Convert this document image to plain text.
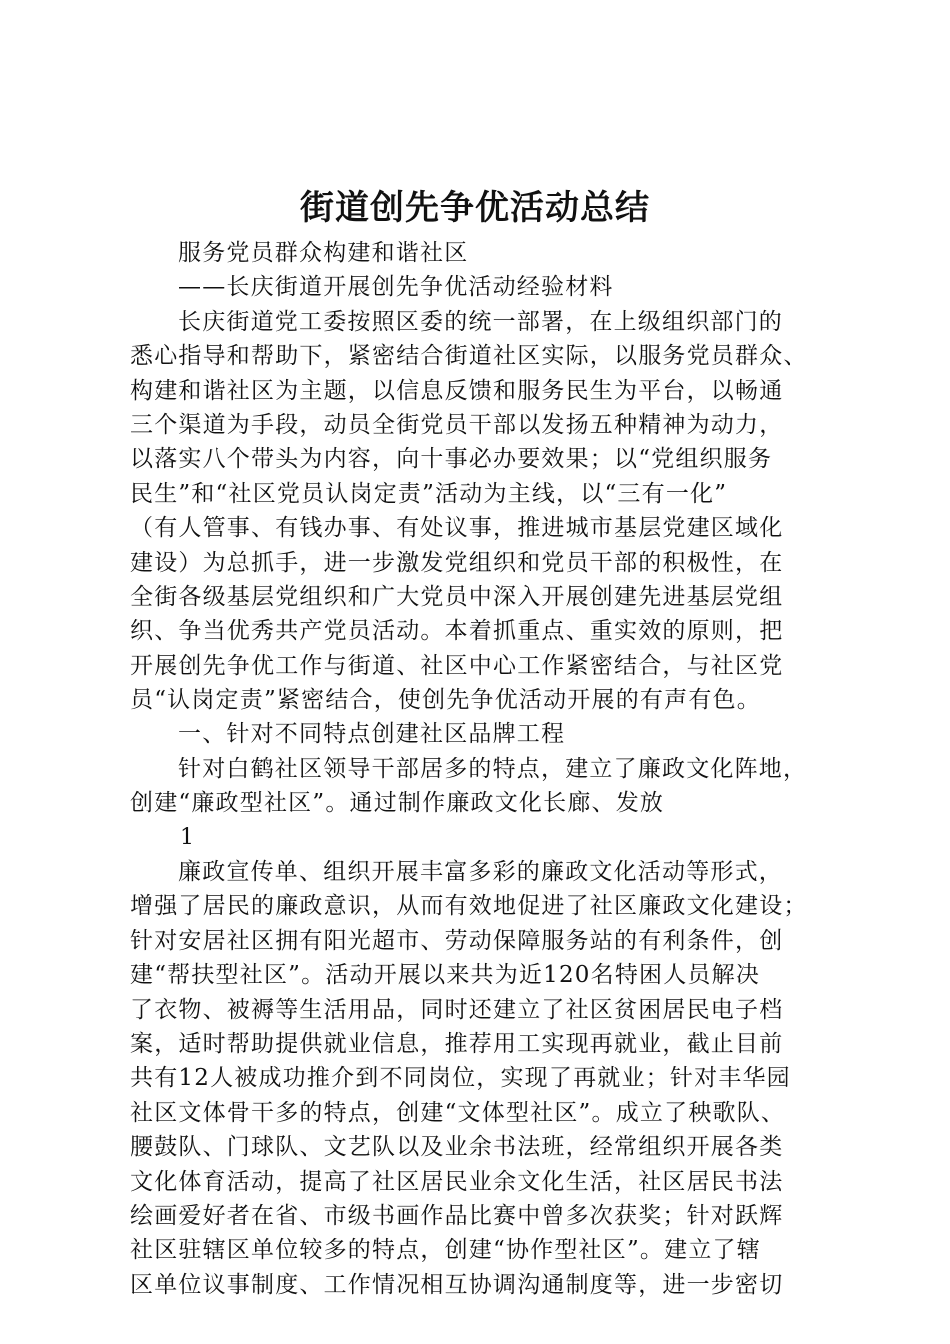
街道创先争优活动总结
服务党员群众构建和谐社区
——长庆街道开展创先争优活动经验材料
长庆街道党工委按照区委的统一部署，在上级组织部门的
悉心指导和帮助下，紧密结合街道社区实际，以服务党员群众、
构建和谐社区为主题，以信息反馈和服务民生为平台，以畅通
三个渠道为手段，动员全街党员干部以发扬五种精神为动力，
以落实八个带头为内容，向十事必办要效果；以“党组织服务
民生”和“社区党员认岗定责”活动为主线，以“三有一化”
（有人管事、有钱办事、有处议事，推进城市基层党建区域化
建设）为总抓手，进一步激发党组织和党员干部的积极性，在
全街各级基层党组织和广大党员中深入开展创建先进基层党组
织、争当优秀共产党员活动。本着抓重点、重实效的原则，把
开展创先争优工作与街道、社区中心工作紧密结合，与社区党
员“认岗定责”紧密结合，使创先争优活动开展的有声有色。
一、针对不同特点创建社区品牌工程
针对白鹤社区领导干部居多的特点，建立了廉政文化阵地，
创建“廉政型社区”。通过制作廉政文化长廊、发放
1
廉政宣传单、组织开展丰富多彩的廉政文化活动等形式，
增强了居民的廉政意识，从而有效地促进了社区廉政文化建设；
针对安居社区拥有阳光超市、劳动保障服务站的有利条件，创
建“帮扶型社区”。活动开展以来共为近120名特困人员解决
了衣物、被褥等生活用品，同时还建立了社区贫困居民电子档
案，适时帮助提供就业信息，推荐用工实现再就业，截止目前
共有12人被成功推介到不同岗位，实现了再就业；针对丰华园
社区文体骨干多的特点，创建“文体型社区”。成立了秧歌队、
腰鼓队、门球队、文艺队以及业余书法班，经常组织开展各类
文化体育活动，提高了社区居民业余文化生活，社区居民书法
绘画爱好者在省、市级书画作品比赛中曾多次获奖；针对跃辉
社区驻辖区单位较多的特点，创建“协作型社区”。建立了辖
区单位议事制度、工作情况相互协调沟通制度等，进一步密切
